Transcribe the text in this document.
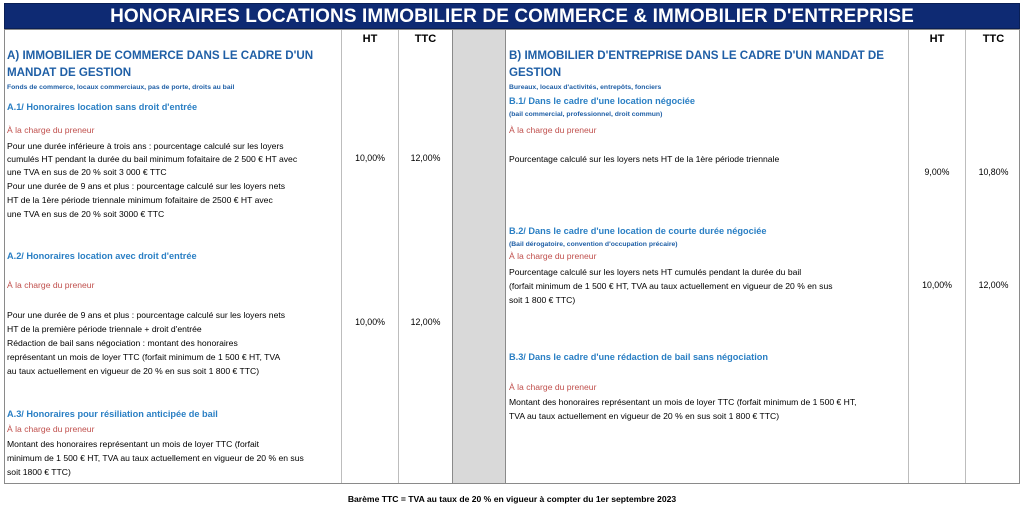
HONORAIRES LOCATIONS IMMOBILIER DE COMMERCE & IMMOBILIER D'ENTREPRISE
A) IMMOBILIER DE COMMERCE DANS LE CADRE D'UN
MANDAT DE GESTION
Fonds de commerce, locaux commerciaux, pas de porte, droits au bail
A.1/ Honoraires location sans droit d'entrée
À la charge du preneur
Pour une durée inférieure à trois ans : pourcentage calculé sur les loyers
cumulés HT pendant la durée du bail minimum fofaitaire de 2 500 € HT avec
une TVA en sus de 20 % soit 3 000 € TTC
Pour une durée de 9 ans et plus : pourcentage calculé sur les loyers nets
HT de la 1ère période triennale minimum fofaitaire de 2500 € HT avec
une TVA en sus de 20 % soit 3000 € TTC
A.2/ Honoraires location avec droit d'entrée
À la charge du preneur
Pour une durée de 9 ans et plus : pourcentage calculé sur les loyers nets
HT de la première période triennale + droit d'entrée
Rédaction de bail sans négociation : montant des honoraires
représentant un mois de loyer TTC (forfait minimum de 1 500 € HT, TVA
au taux actuellement en vigueur de 20 % en sus soit 1 800 € TTC)
A.3/ Honoraires pour résiliation anticipée de bail
À la charge du preneur
Montant des honoraires représentant un mois de loyer TTC (forfait
minimum de 1 500 € HT, TVA au taux actuellement en vigueur de 20 % en sus
soit 1800 € TTC)
HT
10,00%
10,00%
TTC
12,00%
12,00%
B) IMMOBILIER D'ENTREPRISE DANS LE CADRE D'UN MANDAT DE
GESTION
Bureaux, locaux d'activités, entrepôts, fonciers
B.1/ Dans le cadre d'une location négociée
(bail commercial, professionnel, droit commun)
À la charge du preneur
Pourcentage calculé sur les loyers nets HT de la 1ère période triennale
B.2/ Dans le cadre d'une location de courte durée négociée
(Bail dérogatoire, convention d'occupation précaire)
À la charge du preneur
Pourcentage calculé sur les loyers nets HT cumulés pendant la durée du bail
(forfait minimum de 1 500 € HT, TVA au taux actuellement en vigueur de 20 % en sus
soit 1 800 € TTC)
B.3/ Dans le cadre d'une rédaction de bail sans négociation
À la charge du preneur
Montant des honoraires représentant un mois de loyer TTC (forfait minimum de 1 500 € HT,
TVA au taux actuellement en vigueur de 20 % en sus soit 1 800 € TTC)
HT
9,00%
10,00%
TTC
10,80%
12,00%
Barème TTC = TVA au taux de 20 % en vigueur à compter du 1er septembre 2023
